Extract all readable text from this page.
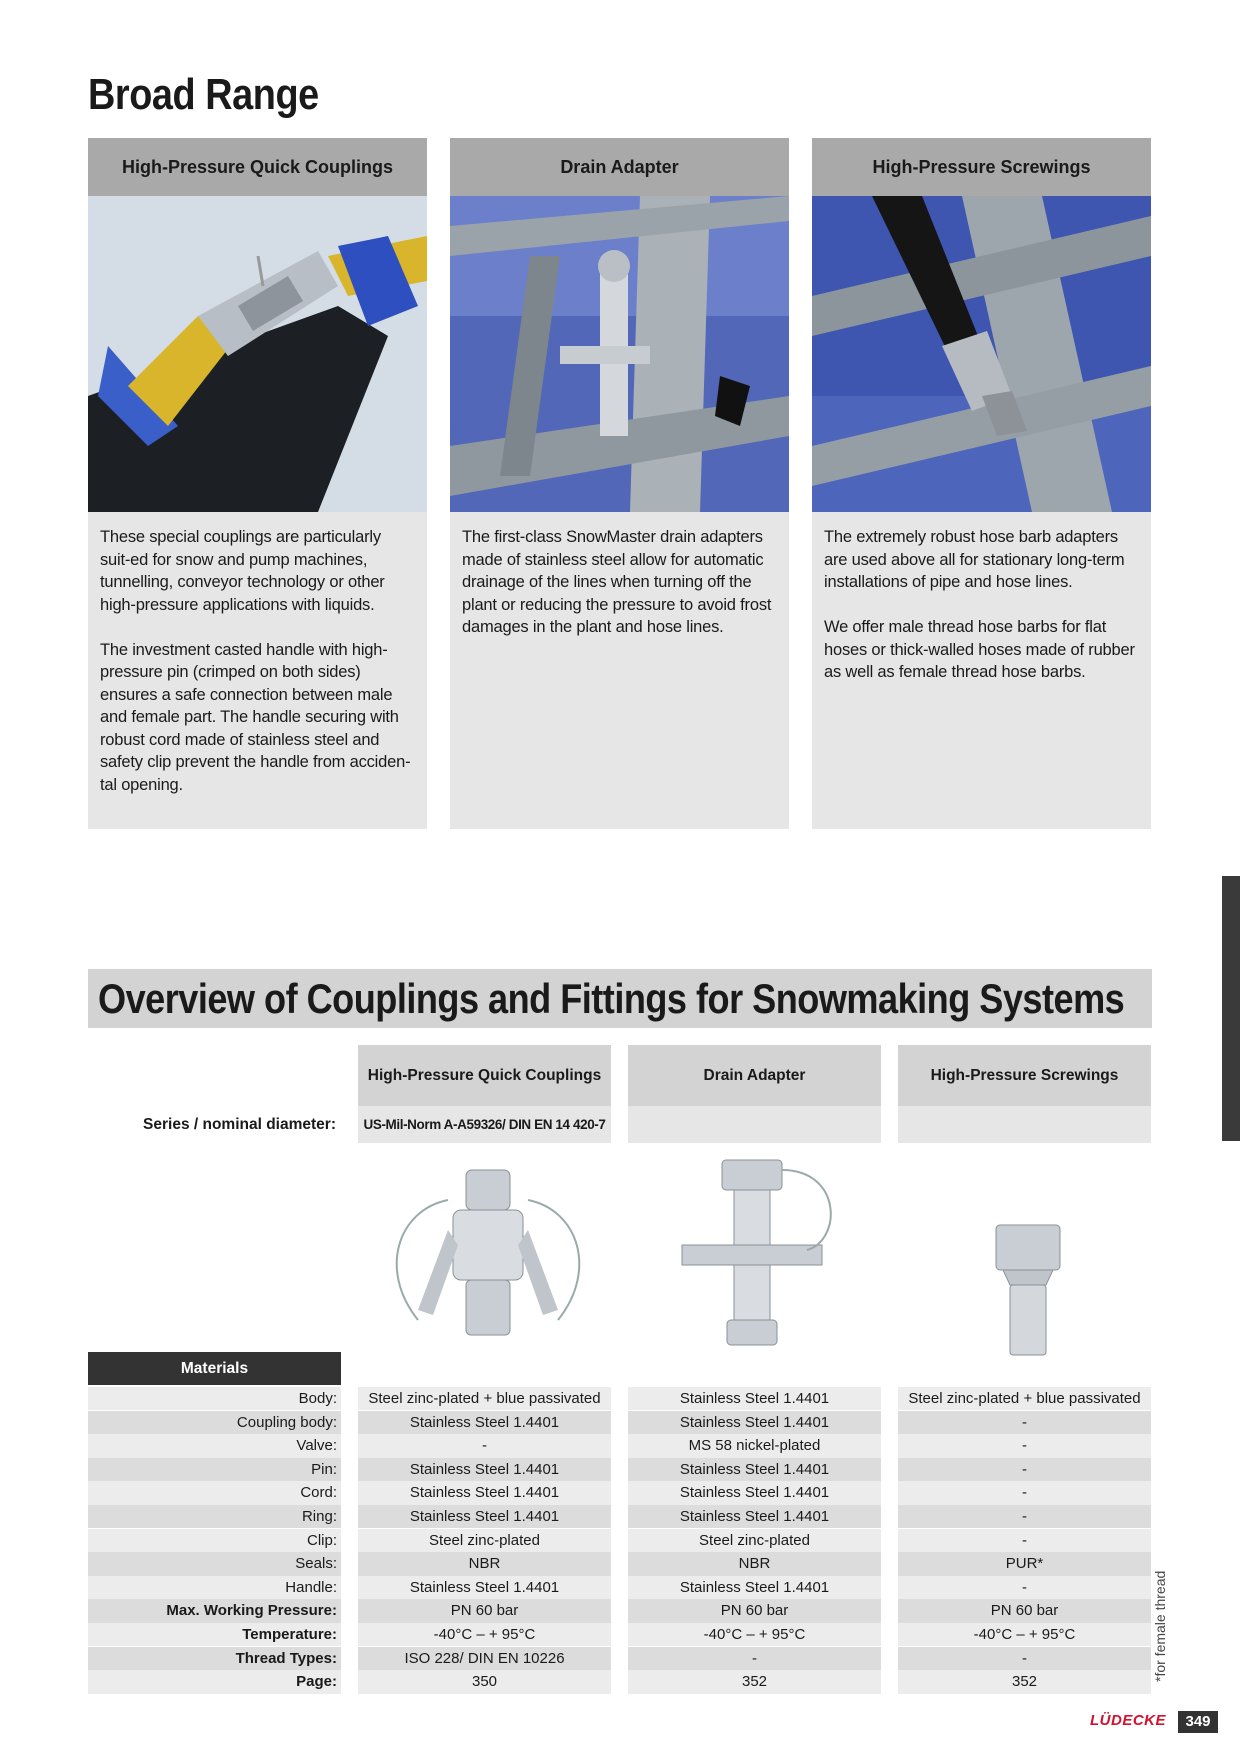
Broad Range
High-Pressure Quick Couplings

These special couplings are particularly suit-ed for snow and pump machines, tunnelling, conveyor technology or other high-pressure applications with liquids.

The investment casted handle with high-pressure pin (crimped on both sides) ensures a safe connection between male and female part. The handle securing with robust cord made of stainless steel and safety clip prevent the handle from acciden-tal opening.

Drain Adapter

The first-class SnowMaster drain adapters made of stainless steel allow for automatic drainage of the lines when turning off the plant or reducing the pressure to avoid frost damages in the plant and hose lines.

High-Pressure Screwings

The extremely robust hose barb adapters are used above all for stationary long-term installations of pipe and hose lines.

We offer male thread hose barbs for flat hoses or thick-walled hoses made of rubber as well as female thread hose barbs.

Overview of Couplings and Fittings for Snowmaking Systems
High-Pressure Quick Couplings	Drain Adapter	High-Pressure Screwings
Series / nominal diameter:	US-Mil-Norm A-A59326/ DIN EN 14 420-7
Materials
Body:	Steel zinc-plated + blue passivated	Stainless Steel 1.4401	Steel zinc-plated + blue passivated
Coupling body:	Stainless Steel 1.4401	Stainless Steel 1.4401	-
Valve:	-	MS 58 nickel-plated	-
Pin:	Stainless Steel 1.4401	Stainless Steel 1.4401	-
Cord:	Stainless Steel 1.4401	Stainless Steel 1.4401	-
Ring:	Stainless Steel 1.4401	Stainless Steel 1.4401	-
Clip:	Steel zinc-plated	Steel zinc-plated	-
Seals:	NBR	NBR	PUR*
Handle:	Stainless Steel 1.4401	Stainless Steel 1.4401	-
Max. Working Pressure:	PN 60 bar	PN 60 bar	PN 60 bar
Temperature:	-40°C – + 95°C	-40°C – + 95°C	-40°C – + 95°C
Thread Types:	ISO 228/ DIN EN 10226	-	-
Page:	350	352	352	*for female thread
LÜDECKE	349
